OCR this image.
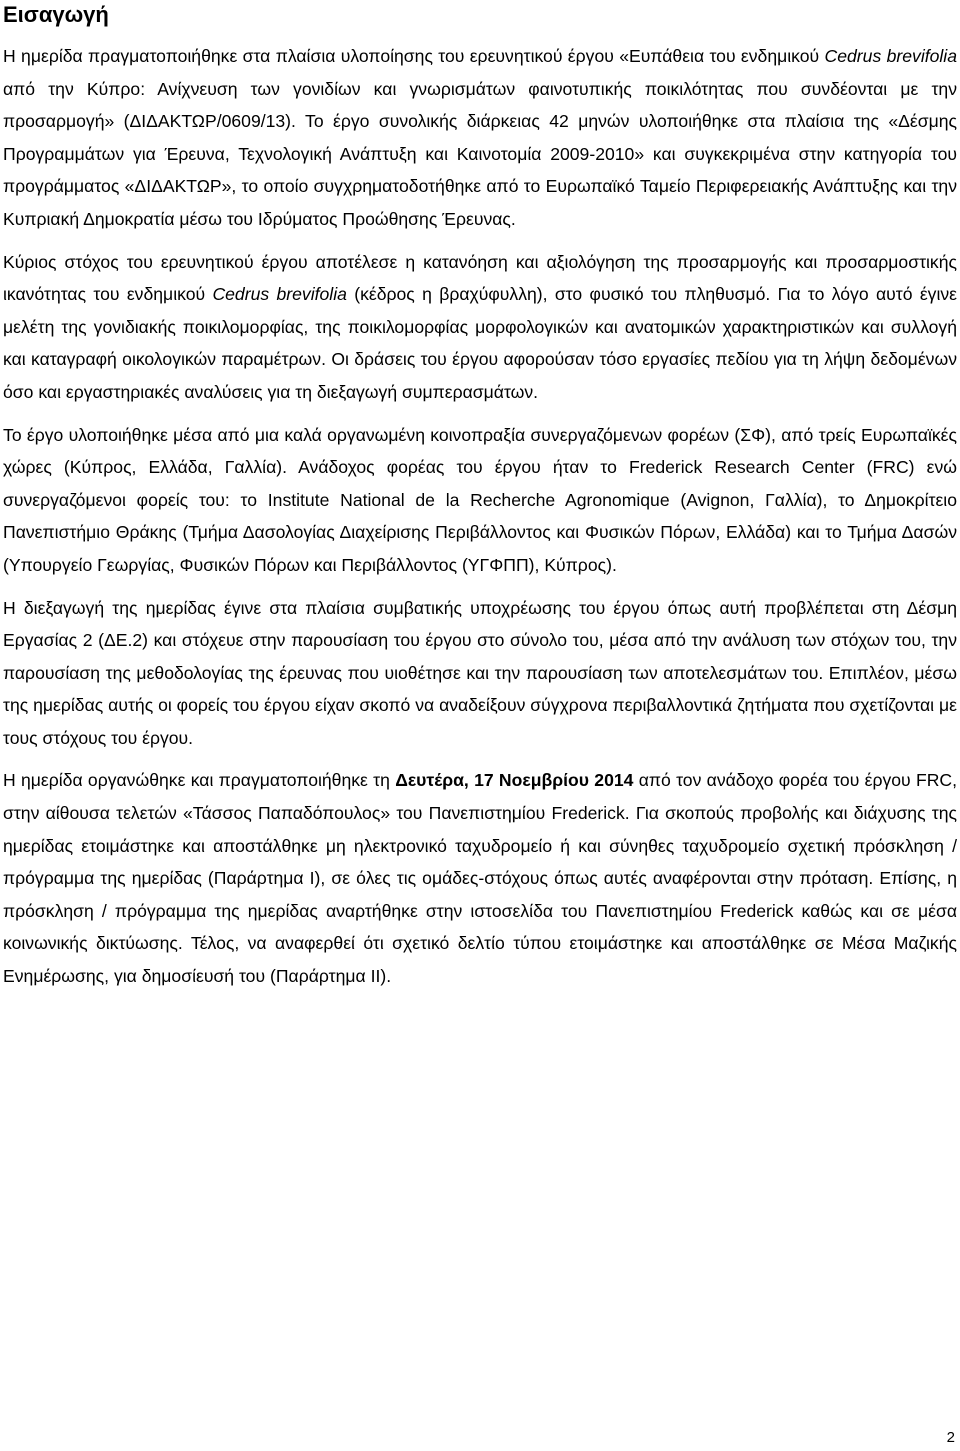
Εισαγωγή

Η ημερίδα πραγματοποιήθηκε στα πλαίσια υλοποίησης του ερευνητικού έργου «Ευπάθεια του ενδημικού Cedrus brevifolia από την Κύπρο: Ανίχνευση των γονιδίων και γνωρισμάτων φαινοτυπικής ποικιλότητας που συνδέονται με την προσαρμογή» (ΔΙΔΑΚΤΩΡ/0609/13). Το έργο συνολικής διάρκειας 42 μηνών υλοποιήθηκε στα πλαίσια της «Δέσμης Προγραμμάτων για Έρευνα, Τεχνολογική Ανάπτυξη και Καινοτομία 2009-2010» και συγκεκριμένα στην κατηγορία του προγράμματος «ΔΙΔΑΚΤΩΡ», το οποίο συγχρηματοδοτήθηκε από το Ευρωπαϊκό Ταμείο Περιφερειακής Ανάπτυξης και την Κυπριακή Δημοκρατία μέσω του Ιδρύματος Προώθησης Έρευνας.

Κύριος στόχος του ερευνητικού έργου αποτέλεσε η κατανόηση και αξιολόγηση της προσαρμογής και προσαρμοστικής ικανότητας του ενδημικού Cedrus brevifolia (κέδρος η βραχύφυλλη), στο φυσικό του πληθυσμό. Για το λόγο αυτό έγινε μελέτη της γονιδιακής ποικιλομορφίας, της ποικιλομορφίας μορφολογικών και ανατομικών χαρακτηριστικών και συλλογή και καταγραφή οικολογικών παραμέτρων. Οι δράσεις του έργου αφορούσαν τόσο εργασίες πεδίου για τη λήψη δεδομένων όσο και εργαστηριακές αναλύσεις για τη διεξαγωγή συμπερασμάτων.

Το έργο υλοποιήθηκε μέσα από μια καλά οργανωμένη κοινοπραξία συνεργαζόμενων φορέων (ΣΦ), από τρείς Ευρωπαϊκές χώρες (Κύπρος, Ελλάδα, Γαλλία). Ανάδοχος φορέας του έργου ήταν το Frederick Research Center (FRC) ενώ συνεργαζόμενοι φορείς του: το Institute National de la Recherche Agronomique (Avignon, Γαλλία), το Δημοκρίτειο Πανεπιστήμιο Θράκης (Τμήμα Δασολογίας Διαχείρισης Περιβάλλοντος και Φυσικών Πόρων, Ελλάδα) και το Τμήμα Δασών (Υπουργείο Γεωργίας, Φυσικών Πόρων και Περιβάλλοντος (ΥΓΦΠΠ), Κύπρος).

Η διεξαγωγή της ημερίδας έγινε στα πλαίσια συμβατικής υποχρέωσης του έργου όπως αυτή προβλέπεται στη Δέσμη Εργασίας 2 (ΔΕ.2) και στόχευε στην παρουσίαση του έργου στο σύνολο του, μέσα από την ανάλυση των στόχων του, την παρουσίαση της μεθοδολογίας της έρευνας που υιοθέτησε και την παρουσίαση των αποτελεσμάτων του. Επιπλέον, μέσω της ημερίδας αυτής οι φορείς του έργου είχαν σκοπό να αναδείξουν σύγχρονα περιβαλλοντικά ζητήματα που σχετίζονται με τους στόχους του έργου.

Η ημερίδα οργανώθηκε και πραγματοποιήθηκε τη Δευτέρα, 17 Νοεμβρίου 2014 από τον ανάδοχο φορέα του έργου FRC, στην αίθουσα τελετών «Τάσσος Παπαδόπουλος» του Πανεπιστημίου Frederick. Για σκοπούς προβολής και διάχυσης της ημερίδας ετοιμάστηκε και αποστάλθηκε μη ηλεκτρονικό ταχυδρομείο ή και σύνηθες ταχυδρομείο σχετική πρόσκληση / πρόγραμμα της ημερίδας (Παράρτημα Ι), σε όλες τις ομάδες-στόχους όπως αυτές αναφέρονται στην πρόταση. Επίσης, η πρόσκληση / πρόγραμμα της ημερίδας αναρτήθηκε στην ιστοσελίδα του Πανεπιστημίου Frederick καθώς και σε μέσα κοινωνικής δικτύωσης. Τέλος, να αναφερθεί ότι σχετικό δελτίο τύπου ετοιμάστηκε και αποστάλθηκε σε Μέσα Μαζικής Ενημέρωσης, για δημοσίευσή του (Παράρτημα ΙΙ).

2
